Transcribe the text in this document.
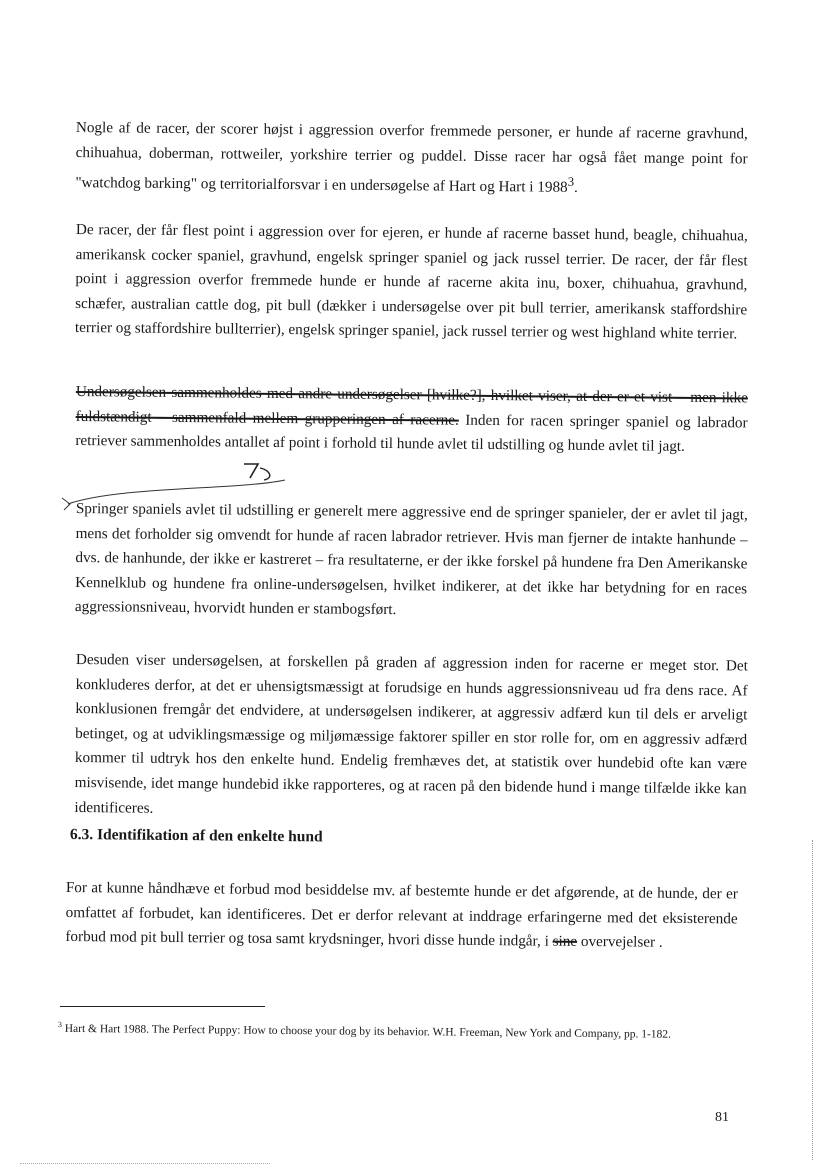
Nogle af de racer, der scorer højst i aggression overfor fremmede personer, er hunde af racerne gravhund, chihuahua, doberman, rottweiler, yorkshire terrier og puddel. Disse racer har også fået mange point for "watchdog barking" og territorialforsvar i en undersøgelse af Hart og Hart i 1988$^3$.

De racer, der får flest point i aggression over for ejeren, er hunde af racerne basset hund, beagle, chihuahua, amerikansk cocker spaniel, gravhund, engelsk springer spaniel og jack russel terrier. De racer, der får flest point i aggression overfor fremmede hunde er hunde af racerne akita inu, boxer, chihuahua, gravhund, schæfer, australian cattle dog, pit bull (dækker i undersøgelse over pit bull terrier, amerikansk staffordshire terrier og staffordshire bullterrier), engelsk springer spaniel, jack russel terrier og west highland white terrier.

Undersøgelsen sammenholdes med andre undersøgelser [hvilke?], hvilket viser, at der er et vist – men ikke fuldstændigt – sammenfald mellem grupperingen af racerne. Inden for racen springer spaniel og labrador retriever sammenholdes antallet af point i forhold til hunde avlet til udstilling og hunde avlet til jagt.

Springer spaniels avlet til udstilling er generelt mere aggressive end de springer spanieler, der er avlet til jagt, mens det forholder sig omvendt for hunde af racen labrador retriever. Hvis man fjerner de intakte hanhunde – dvs. de hanhunde, der ikke er kastreret – fra resultaterne, er der ikke forskel på hundene fra Den Amerikanske Kennelklub og hundene fra online-undersøgelsen, hvilket indikerer, at det ikke har betydning for en races aggressionsniveau, hvorvidt hunden er stambogsført.

Desuden viser undersøgelsen, at forskellen på graden af aggression inden for racerne er meget stor. Det konkluderes derfor, at det er uhensigtsmæssigt at forudsige en hunds aggressionsniveau ud fra dens race. Af konklusionen fremgår det endvidere, at undersøgelsen indikerer, at aggressiv adfærd kun til dels er arveligt betinget, og at udviklingsmæssige og miljømæssige faktorer spiller en stor rolle for, om en aggressiv adfærd kommer til udtryk hos den enkelte hund. Endelig fremhæves det, at statistik over hundebid ofte kan være misvisende, idet mange hundebid ikke rapporteres, og at racen på den bidende hund i mange tilfælde ikke kan identificeres.

6.3. Identifikation af den enkelte hund

For at kunne håndhæve et forbud mod besiddelse mv. af bestemte hunde er det afgørende, at de hunde, der er omfattet af forbudet, kan identificeres. Det er derfor relevant at inddrage erfaringerne med det eksisterende forbud mod pit bull terrier og tosa samt krydsninger, hvori disse hunde indgår, i sine overvejelser .

$^3$ Hart & Hart 1988. The Perfect Puppy: How to choose your dog by its behavior. W.H. Freeman, New York and Company, pp. 1-182.
81
